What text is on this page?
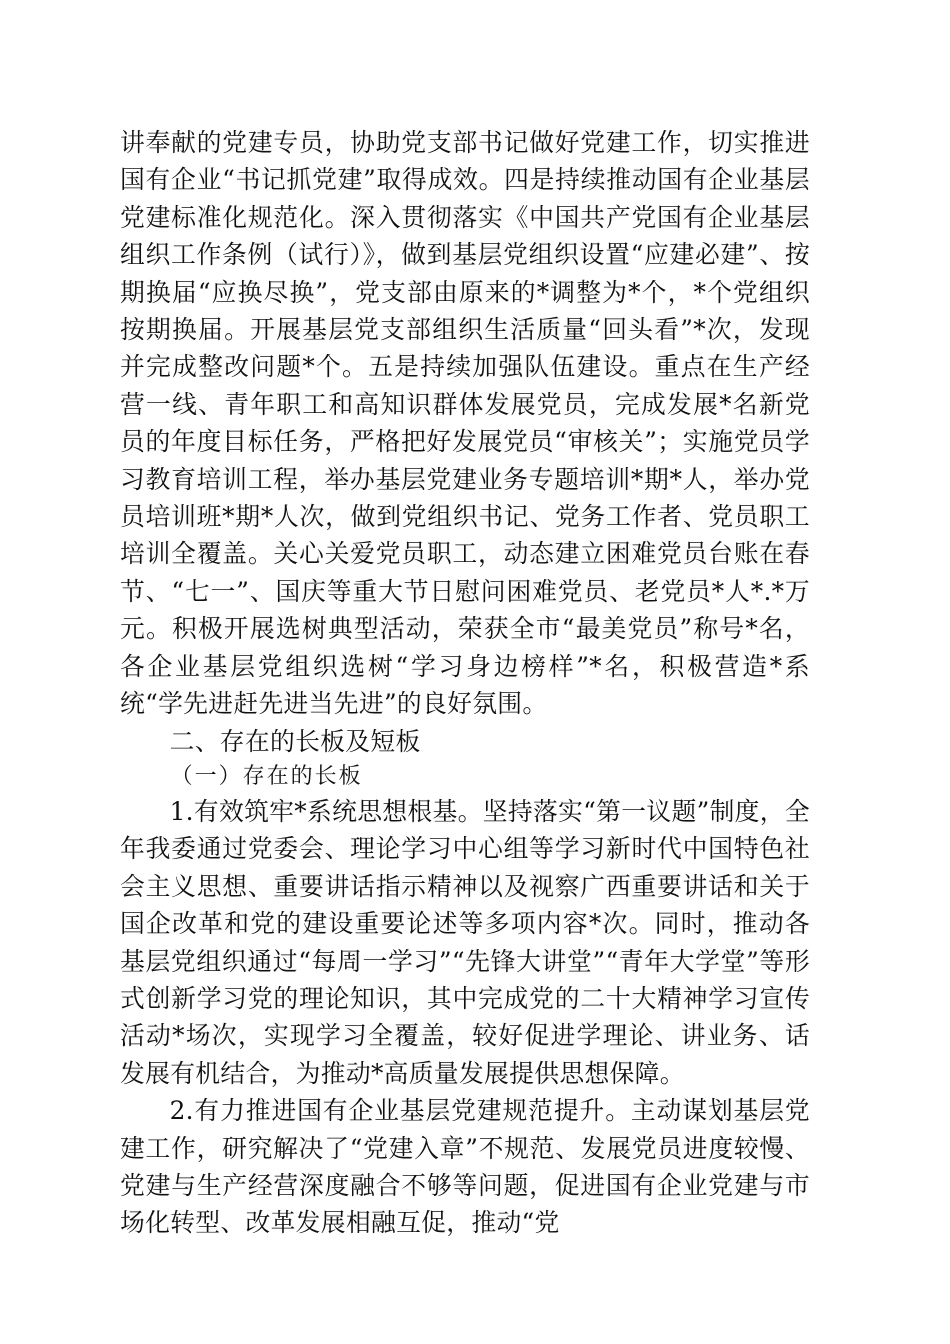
讲奉献的党建专员，协助党支部书记做好党建工作，切实推进国有企业“书记抓党建”取得成效。四是持续推动国有企业基层党建标准化规范化。深入贯彻落实《中国共产党国有企业基层组织工作条例（试行）》，做到基层党组织设置“应建必建”、按期换届“应换尽换”，党支部由原来的*调整为*个，*个党组织按期换届。开展基层党支部组织生活质量“回头看”*次，发现并完成整改问题*个。五是持续加强队伍建设。重点在生产经营一线、青年职工和高知识群体发展党员，完成发展*名新党员的年度目标任务，严格把好发展党员“审核关”；实施党员学习教育培训工程，举办基层党建业务专题培训*期*人，举办党员培训班*期*人次，做到党组织书记、党务工作者、党员职工培训全覆盖。关心关爱党员职工，动态建立困难党员台账在春节、“七一”、国庆等重大节日慰问困难党员、老党员*人*.*万元。积极开展选树典型活动，荣获全市“最美党员”称号*名，各企业基层党组织选树“学习身边榜样”*名，积极营造*系统“学先进赶先进当先进”的良好氛围。

二、存在的长板及短板

（一）存在的长板

1.有效筑牢*系统思想根基。坚持落实“第一议题”制度，全年我委通过党委会、理论学习中心组等学习新时代中国特色社会主义思想、重要讲话指示精神以及视察广西重要讲话和关于国企改革和党的建设重要论述等多项内容*次。同时，推动各基层党组织通过“每周一学习”“先锋大讲堂”“青年大学堂”等形式创新学习党的理论知识，其中完成党的二十大精神学习宣传活动*场次，实现学习全覆盖，较好促进学理论、讲业务、话发展有机结合，为推动*高质量发展提供思想保障。

2.有力推进国有企业基层党建规范提升。主动谋划基层党建工作，研究解决了“党建入章”不规范、发展党员进度较慢、党建与生产经营深度融合不够等问题，促进国有企业党建与市场化转型、改革发展相融互促，推动“党
